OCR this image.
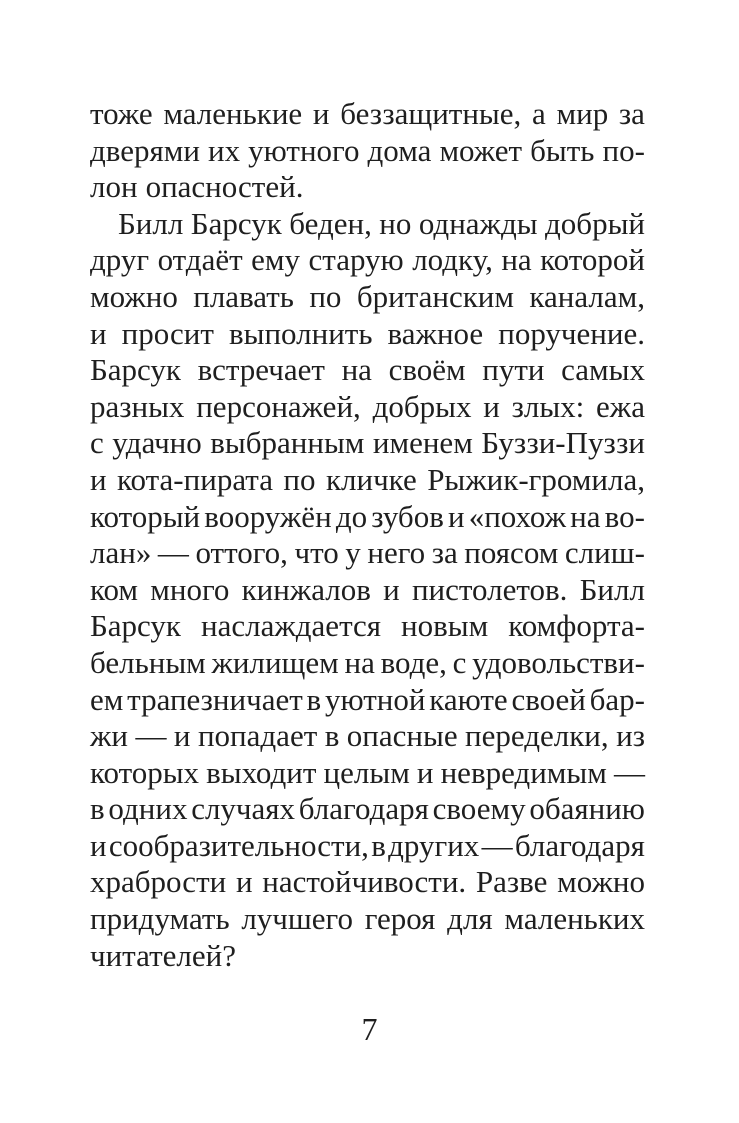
тоже маленькие и беззащитные, а мир за
дверями их уютного дома может быть по-
лон опасностей.
Билл Барсук беден, но однажды добрый
друг отдаёт ему старую лодку, на которой
можно плавать по британским каналам,
и просит выполнить важное поручение.
Барсук встречает на своём пути самых
разных персонажей, добрых и злых: ежа
с удачно выбранным именем Буззи-Пуззи
и кота-пирата по кличке Рыжик-громила,
который вооружён до зубов и «похож на во-
лан» — оттого, что у него за поясом слиш-
ком много кинжалов и пистолетов. Билл
Барсук наслаждается новым комфорта-
бельным жилищем на воде, с удовольстви-
ем трапезничает в уютной каюте своей бар-
жи — и попадает в опасные переделки, из
которых выходит целым и невредимым —
в одних случаях благодаря своему обаянию
и сообразительности, в других — благодаря
храбрости и настойчивости. Разве можно
придумать лучшего героя для маленьких
читателей?
7
